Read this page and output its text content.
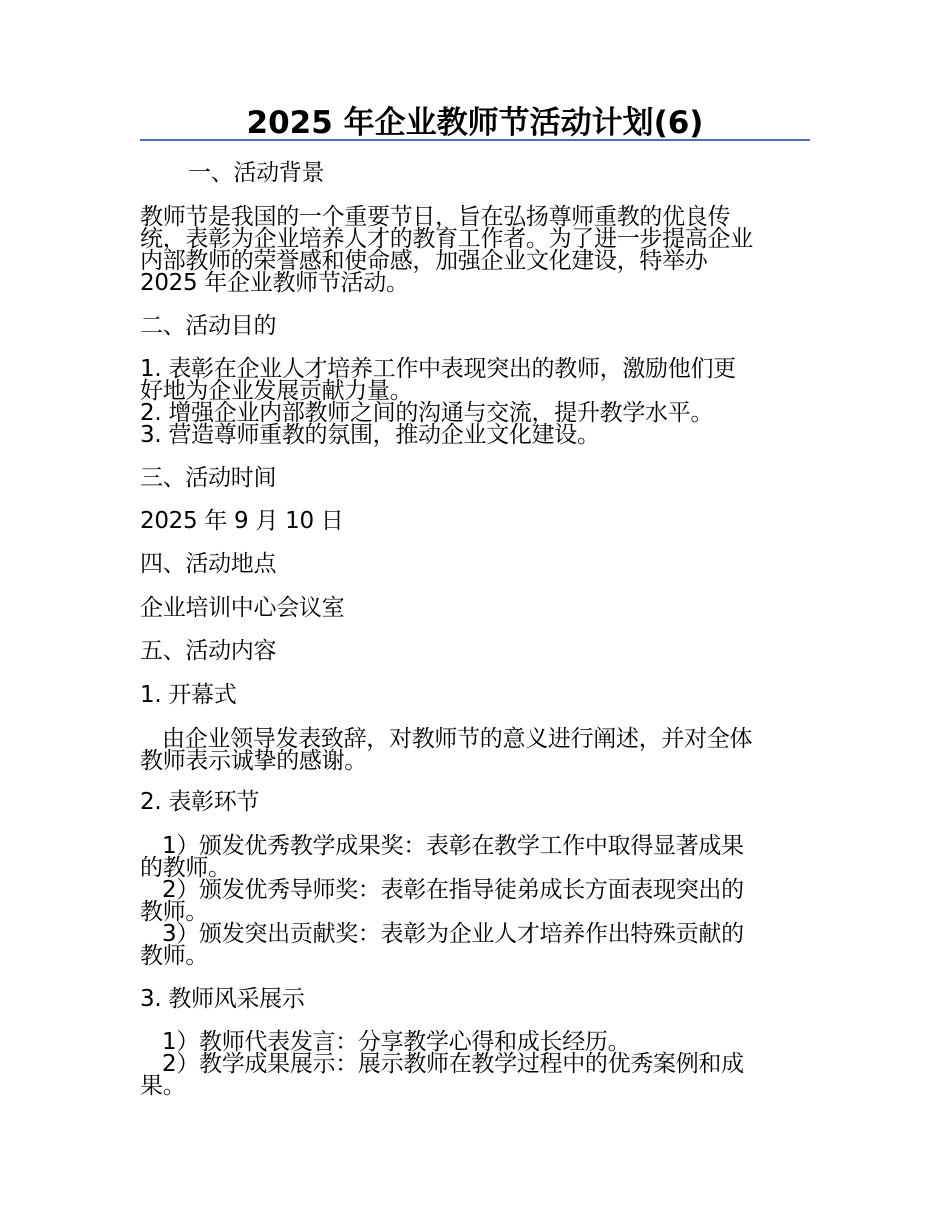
2025 年企业教师节活动计划(6)
一、活动背景
教师节是我国的一个重要节日，旨在弘扬尊师重教的优良传
统，表彰为企业培养人才的教育工作者。为了进一步提高企业
内部教师的荣誉感和使命感，加强企业文化建设，特举办
2025 年企业教师节活动。
二、活动目的
1. 表彰在企业人才培养工作中表现突出的教师，激励他们更
好地为企业发展贡献力量。
2. 增强企业内部教师之间的沟通与交流，提升教学水平。
3. 营造尊师重教的氛围，推动企业文化建设。
三、活动时间
2025 年 9 月 10 日
四、活动地点
企业培训中心会议室
五、活动内容
1. 开幕式
由企业领导发表致辞，对教师节的意义进行阐述，并对全体
教师表示诚挚的感谢。
2. 表彰环节
1）颁发优秀教学成果奖：表彰在教学工作中取得显著成果
的教师。
2）颁发优秀导师奖：表彰在指导徒弟成长方面表现突出的
教师。
3）颁发突出贡献奖：表彰为企业人才培养作出特殊贡献的
教师。
3. 教师风采展示
1）教师代表发言：分享教学心得和成长经历。
2）教学成果展示：展示教师在教学过程中的优秀案例和成
果。
